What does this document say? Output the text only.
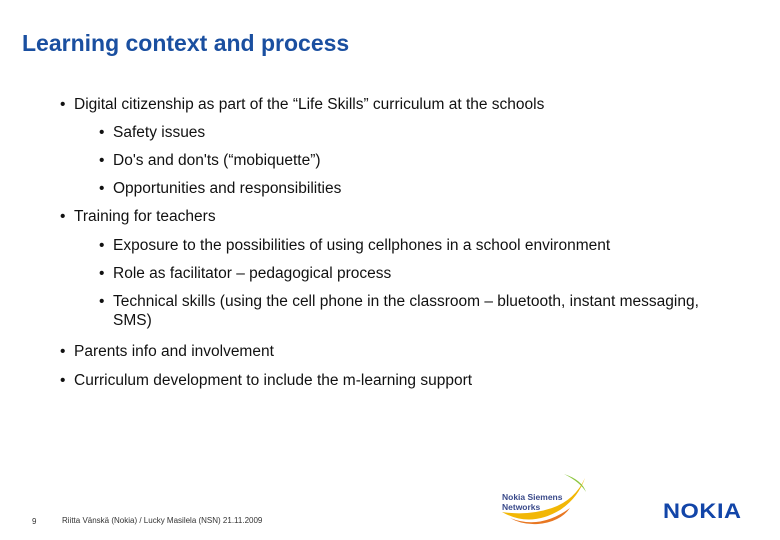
Learning context and process
• Digital citizenship as part of the “Life Skills” curriculum at the schools
• Safety issues
• Do's and don'ts (“mobiquette”)
• Opportunities and responsibilities
• Training for teachers
• Exposure to the possibilities of using cellphones in a school environment
• Role as facilitator – pedagogical process
• Technical skills (using the cell phone in the classroom – bluetooth, instant messaging, SMS)
• Parents info and involvement
• Curriculum development to include the m-learning support
9	Riitta Vänskä (Nokia) / Lucky Masilela (NSN) 21.11.2009
Nokia Siemens
Networks	NOKIA
